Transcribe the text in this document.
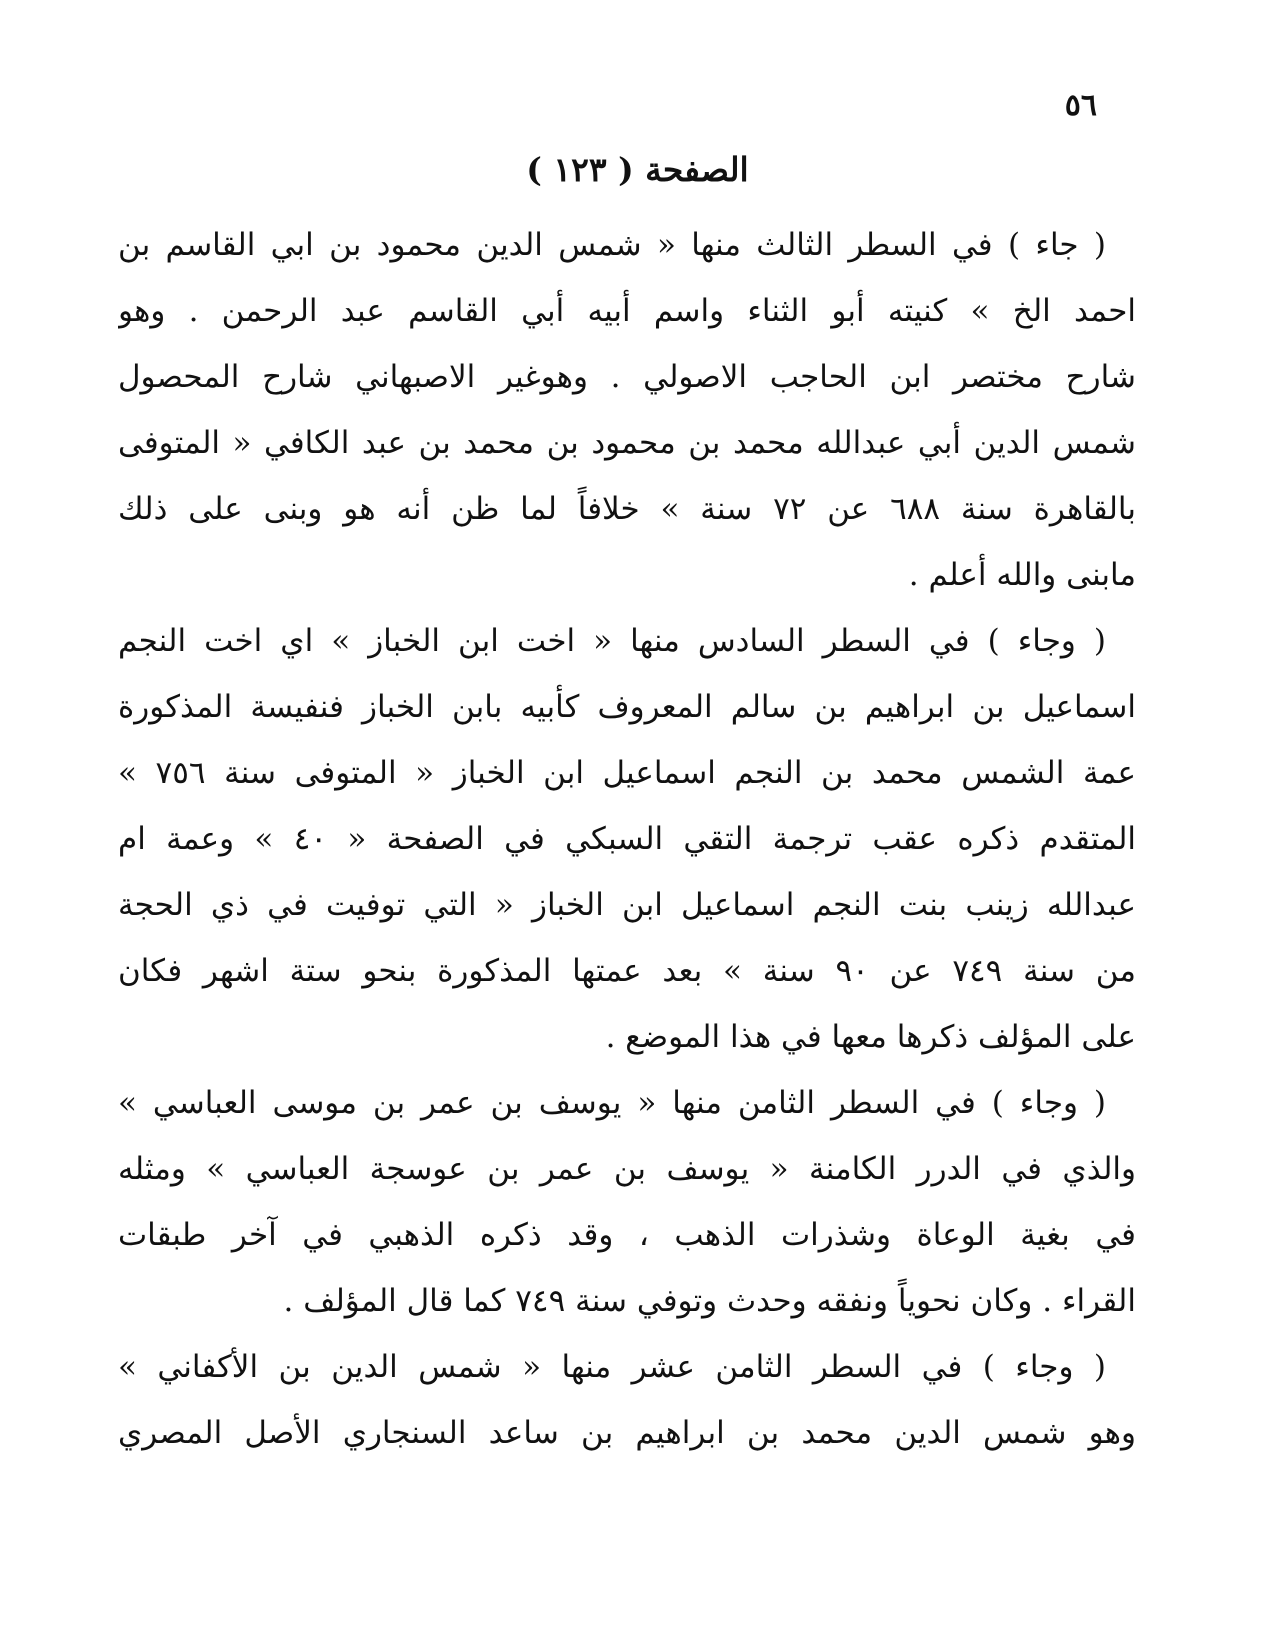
٥٦
الصفحة ( ١٢٣ )
( جاء ) في السطر الثالث منها « شمس الدين محمود بن ابي القاسم بن
احمد الخ » كنيته أبو الثناء واسم أبيه أبي القاسم عبد الرحمن . وهو
شارح مختصر ابن الحاجب الاصولي . وهوغير الاصبهاني شارح المحصول
شمس الدين أبي عبدالله محمد بن محمود بن محمد بن عبد الكافي « المتوفى
بالقاهرة سنة ٦٨٨ عن ٧٢ سنة » خلافاً لما ظن أنه هو وبنى على ذلك
مابنى والله أعلم .
( وجاء ) في السطر السادس منها « اخت ابن الخباز » اي اخت النجم
اسماعيل بن ابراهيم بن سالم المعروف كأبيه بابن الخباز فنفيسة المذكورة
عمة الشمس محمد بن النجم اسماعيل ابن الخباز « المتوفى سنة ٧٥٦ »
المتقدم ذكره عقب ترجمة التقي السبكي في الصفحة « ٤٠ » وعمة ام
عبدالله زينب بنت النجم اسماعيل ابن الخباز « التي توفيت في ذي الحجة
من سنة ٧٤٩ عن ٩٠ سنة » بعد عمتها المذكورة بنحو ستة اشهر فكان
على المؤلف ذكرها معها في هذا الموضع .
( وجاء ) في السطر الثامن منها « يوسف بن عمر بن موسى العباسي »
والذي في الدرر الكامنة « يوسف بن عمر بن عوسجة العباسي » ومثله
في بغية الوعاة وشذرات الذهب ، وقد ذكره الذهبي في آخر طبقات
القراء . وكان نحوياً ونفقه وحدث وتوفي سنة ٧٤٩ كما قال المؤلف .
( وجاء ) في السطر الثامن عشر منها « شمس الدين بن الأكفاني »
وهو شمس الدين محمد بن ابراهيم بن ساعد السنجاري الأصل المصري
